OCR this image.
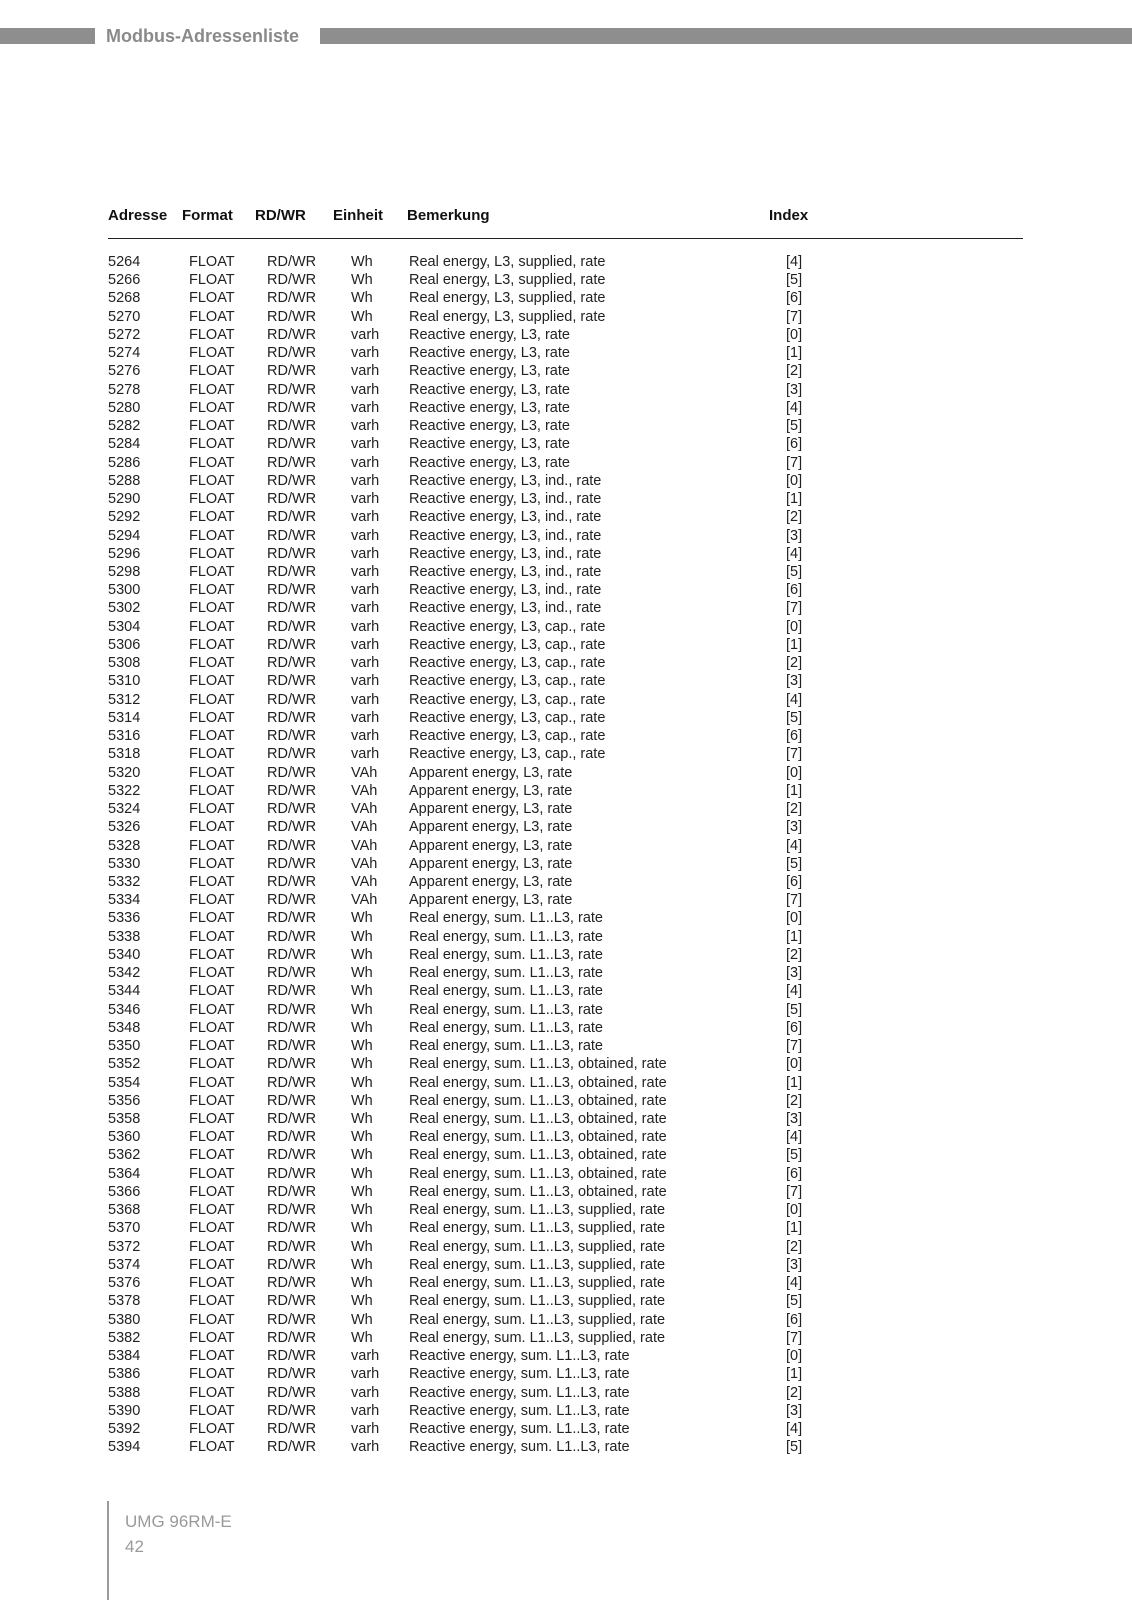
Modbus-Adressenliste
Adresse	Format	RD/WR	Einheit	Bemerkung	Index

5264	FLOAT	RD/WR	Wh	Real energy, L3, supplied, rate	[4]
5266	FLOAT	RD/WR	Wh	Real energy, L3, supplied, rate	[5]
5268	FLOAT	RD/WR	Wh	Real energy, L3, supplied, rate	[6]
5270	FLOAT	RD/WR	Wh	Real energy, L3, supplied, rate	[7]
5272	FLOAT	RD/WR	varh	Reactive energy, L3, rate	[0]
5274	FLOAT	RD/WR	varh	Reactive energy, L3, rate	[1]
5276	FLOAT	RD/WR	varh	Reactive energy, L3, rate	[2]
5278	FLOAT	RD/WR	varh	Reactive energy, L3, rate	[3]
5280	FLOAT	RD/WR	varh	Reactive energy, L3, rate	[4]
5282	FLOAT	RD/WR	varh	Reactive energy, L3, rate	[5]
5284	FLOAT	RD/WR	varh	Reactive energy, L3, rate	[6]
5286	FLOAT	RD/WR	varh	Reactive energy, L3, rate	[7]
5288	FLOAT	RD/WR	varh	Reactive energy, L3, ind., rate	[0]
5290	FLOAT	RD/WR	varh	Reactive energy, L3, ind., rate	[1]
5292	FLOAT	RD/WR	varh	Reactive energy, L3, ind., rate	[2]
5294	FLOAT	RD/WR	varh	Reactive energy, L3, ind., rate	[3]
5296	FLOAT	RD/WR	varh	Reactive energy, L3, ind., rate	[4]
5298	FLOAT	RD/WR	varh	Reactive energy, L3, ind., rate	[5]
5300	FLOAT	RD/WR	varh	Reactive energy, L3, ind., rate	[6]
5302	FLOAT	RD/WR	varh	Reactive energy, L3, ind., rate	[7]
5304	FLOAT	RD/WR	varh	Reactive energy, L3, cap., rate	[0]
5306	FLOAT	RD/WR	varh	Reactive energy, L3, cap., rate	[1]
5308	FLOAT	RD/WR	varh	Reactive energy, L3, cap., rate	[2]
5310	FLOAT	RD/WR	varh	Reactive energy, L3, cap., rate	[3]
5312	FLOAT	RD/WR	varh	Reactive energy, L3, cap., rate	[4]
5314	FLOAT	RD/WR	varh	Reactive energy, L3, cap., rate	[5]
5316	FLOAT	RD/WR	varh	Reactive energy, L3, cap., rate	[6]
5318	FLOAT	RD/WR	varh	Reactive energy, L3, cap., rate	[7]
5320	FLOAT	RD/WR	VAh	Apparent energy, L3, rate	[0]
5322	FLOAT	RD/WR	VAh	Apparent energy, L3, rate	[1]
5324	FLOAT	RD/WR	VAh	Apparent energy, L3, rate	[2]
5326	FLOAT	RD/WR	VAh	Apparent energy, L3, rate	[3]
5328	FLOAT	RD/WR	VAh	Apparent energy, L3, rate	[4]
5330	FLOAT	RD/WR	VAh	Apparent energy, L3, rate	[5]
5332	FLOAT	RD/WR	VAh	Apparent energy, L3, rate	[6]
5334	FLOAT	RD/WR	VAh	Apparent energy, L3, rate	[7]
5336	FLOAT	RD/WR	Wh	Real energy, sum. L1..L3, rate	[0]
5338	FLOAT	RD/WR	Wh	Real energy, sum. L1..L3, rate	[1]
5340	FLOAT	RD/WR	Wh	Real energy, sum. L1..L3, rate	[2]
5342	FLOAT	RD/WR	Wh	Real energy, sum. L1..L3, rate	[3]
5344	FLOAT	RD/WR	Wh	Real energy, sum. L1..L3, rate	[4]
5346	FLOAT	RD/WR	Wh	Real energy, sum. L1..L3, rate	[5]
5348	FLOAT	RD/WR	Wh	Real energy, sum. L1..L3, rate	[6]
5350	FLOAT	RD/WR	Wh	Real energy, sum. L1..L3, rate	[7]
5352	FLOAT	RD/WR	Wh	Real energy, sum. L1..L3, obtained, rate	[0]
5354	FLOAT	RD/WR	Wh	Real energy, sum. L1..L3, obtained, rate	[1]
5356	FLOAT	RD/WR	Wh	Real energy, sum. L1..L3, obtained, rate	[2]
5358	FLOAT	RD/WR	Wh	Real energy, sum. L1..L3, obtained, rate	[3]
5360	FLOAT	RD/WR	Wh	Real energy, sum. L1..L3, obtained, rate	[4]
5362	FLOAT	RD/WR	Wh	Real energy, sum. L1..L3, obtained, rate	[5]
5364	FLOAT	RD/WR	Wh	Real energy, sum. L1..L3, obtained, rate	[6]
5366	FLOAT	RD/WR	Wh	Real energy, sum. L1..L3, obtained, rate	[7]
5368	FLOAT	RD/WR	Wh	Real energy, sum. L1..L3, supplied, rate	[0]
5370	FLOAT	RD/WR	Wh	Real energy, sum. L1..L3, supplied, rate	[1]
5372	FLOAT	RD/WR	Wh	Real energy, sum. L1..L3, supplied, rate	[2]
5374	FLOAT	RD/WR	Wh	Real energy, sum. L1..L3, supplied, rate	[3]
5376	FLOAT	RD/WR	Wh	Real energy, sum. L1..L3, supplied, rate	[4]
5378	FLOAT	RD/WR	Wh	Real energy, sum. L1..L3, supplied, rate	[5]
5380	FLOAT	RD/WR	Wh	Real energy, sum. L1..L3, supplied, rate	[6]
5382	FLOAT	RD/WR	Wh	Real energy, sum. L1..L3, supplied, rate	[7]
5384	FLOAT	RD/WR	varh	Reactive energy, sum. L1..L3, rate	[0]
5386	FLOAT	RD/WR	varh	Reactive energy, sum. L1..L3, rate	[1]
5388	FLOAT	RD/WR	varh	Reactive energy, sum. L1..L3, rate	[2]
5390	FLOAT	RD/WR	varh	Reactive energy, sum. L1..L3, rate	[3]
5392	FLOAT	RD/WR	varh	Reactive energy, sum. L1..L3, rate	[4]
5394	FLOAT	RD/WR	varh	Reactive energy, sum. L1..L3, rate	[5]
UMG 96RM-E
42
